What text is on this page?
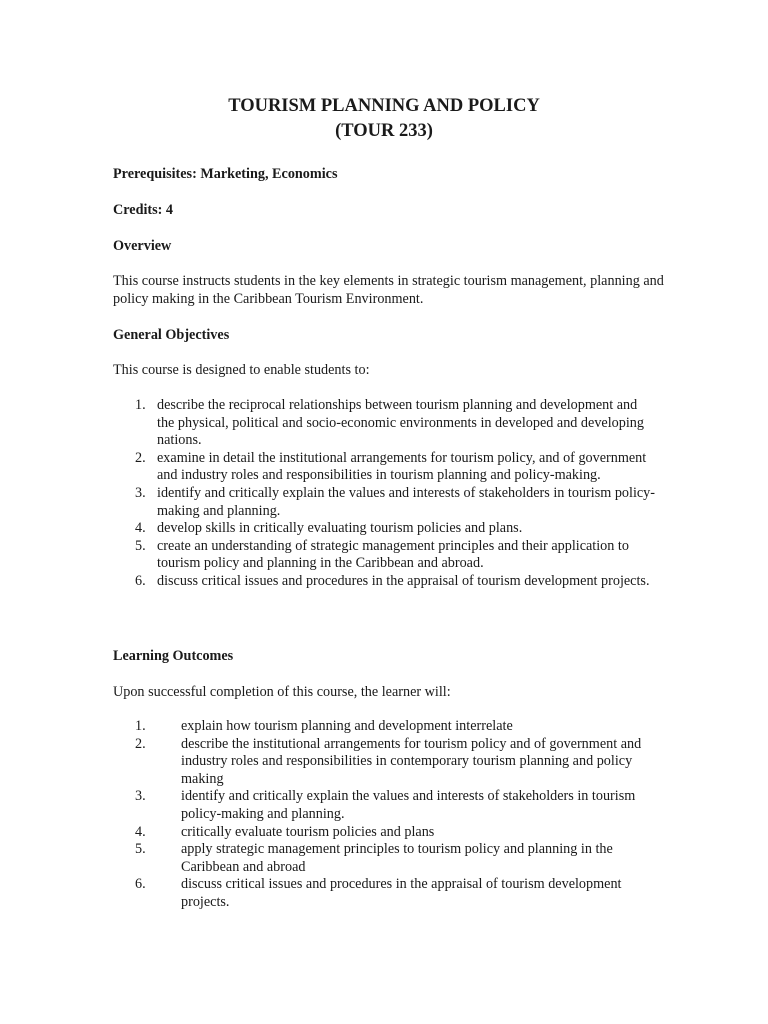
TOURISM PLANNING AND POLICY
(TOUR 233)
Prerequisites: Marketing, Economics
Credits: 4
Overview
This course instructs students in the key elements in strategic tourism management, planning and policy making in the Caribbean Tourism Environment.
General Objectives
This course is designed to enable students to:
1. describe the reciprocal relationships between tourism planning and development and the physical, political and socio-economic environments in developed and developing nations.
2. examine in detail the institutional arrangements for tourism policy, and of government and industry roles and responsibilities in tourism planning and policy-making.
3. identify and critically explain the values and interests of stakeholders in tourism policy-making and planning.
4. develop skills in critically evaluating tourism policies and plans.
5. create an understanding of strategic management principles and their application to tourism policy and planning in the Caribbean and abroad.
6. discuss critical issues and procedures in the appraisal of tourism development projects.
Learning Outcomes
Upon successful completion of this course, the learner will:
1.	explain how tourism planning and development interrelate
2.	describe the institutional arrangements for tourism policy and of government and industry roles and responsibilities in contemporary tourism planning and policy making
3.	identify and critically explain the values and interests of stakeholders in tourism policy-making and planning.
4.	critically evaluate tourism policies and plans
5.	apply strategic management principles to tourism policy and planning in the Caribbean and abroad
6.	discuss critical issues and procedures in the appraisal of tourism development projects.
